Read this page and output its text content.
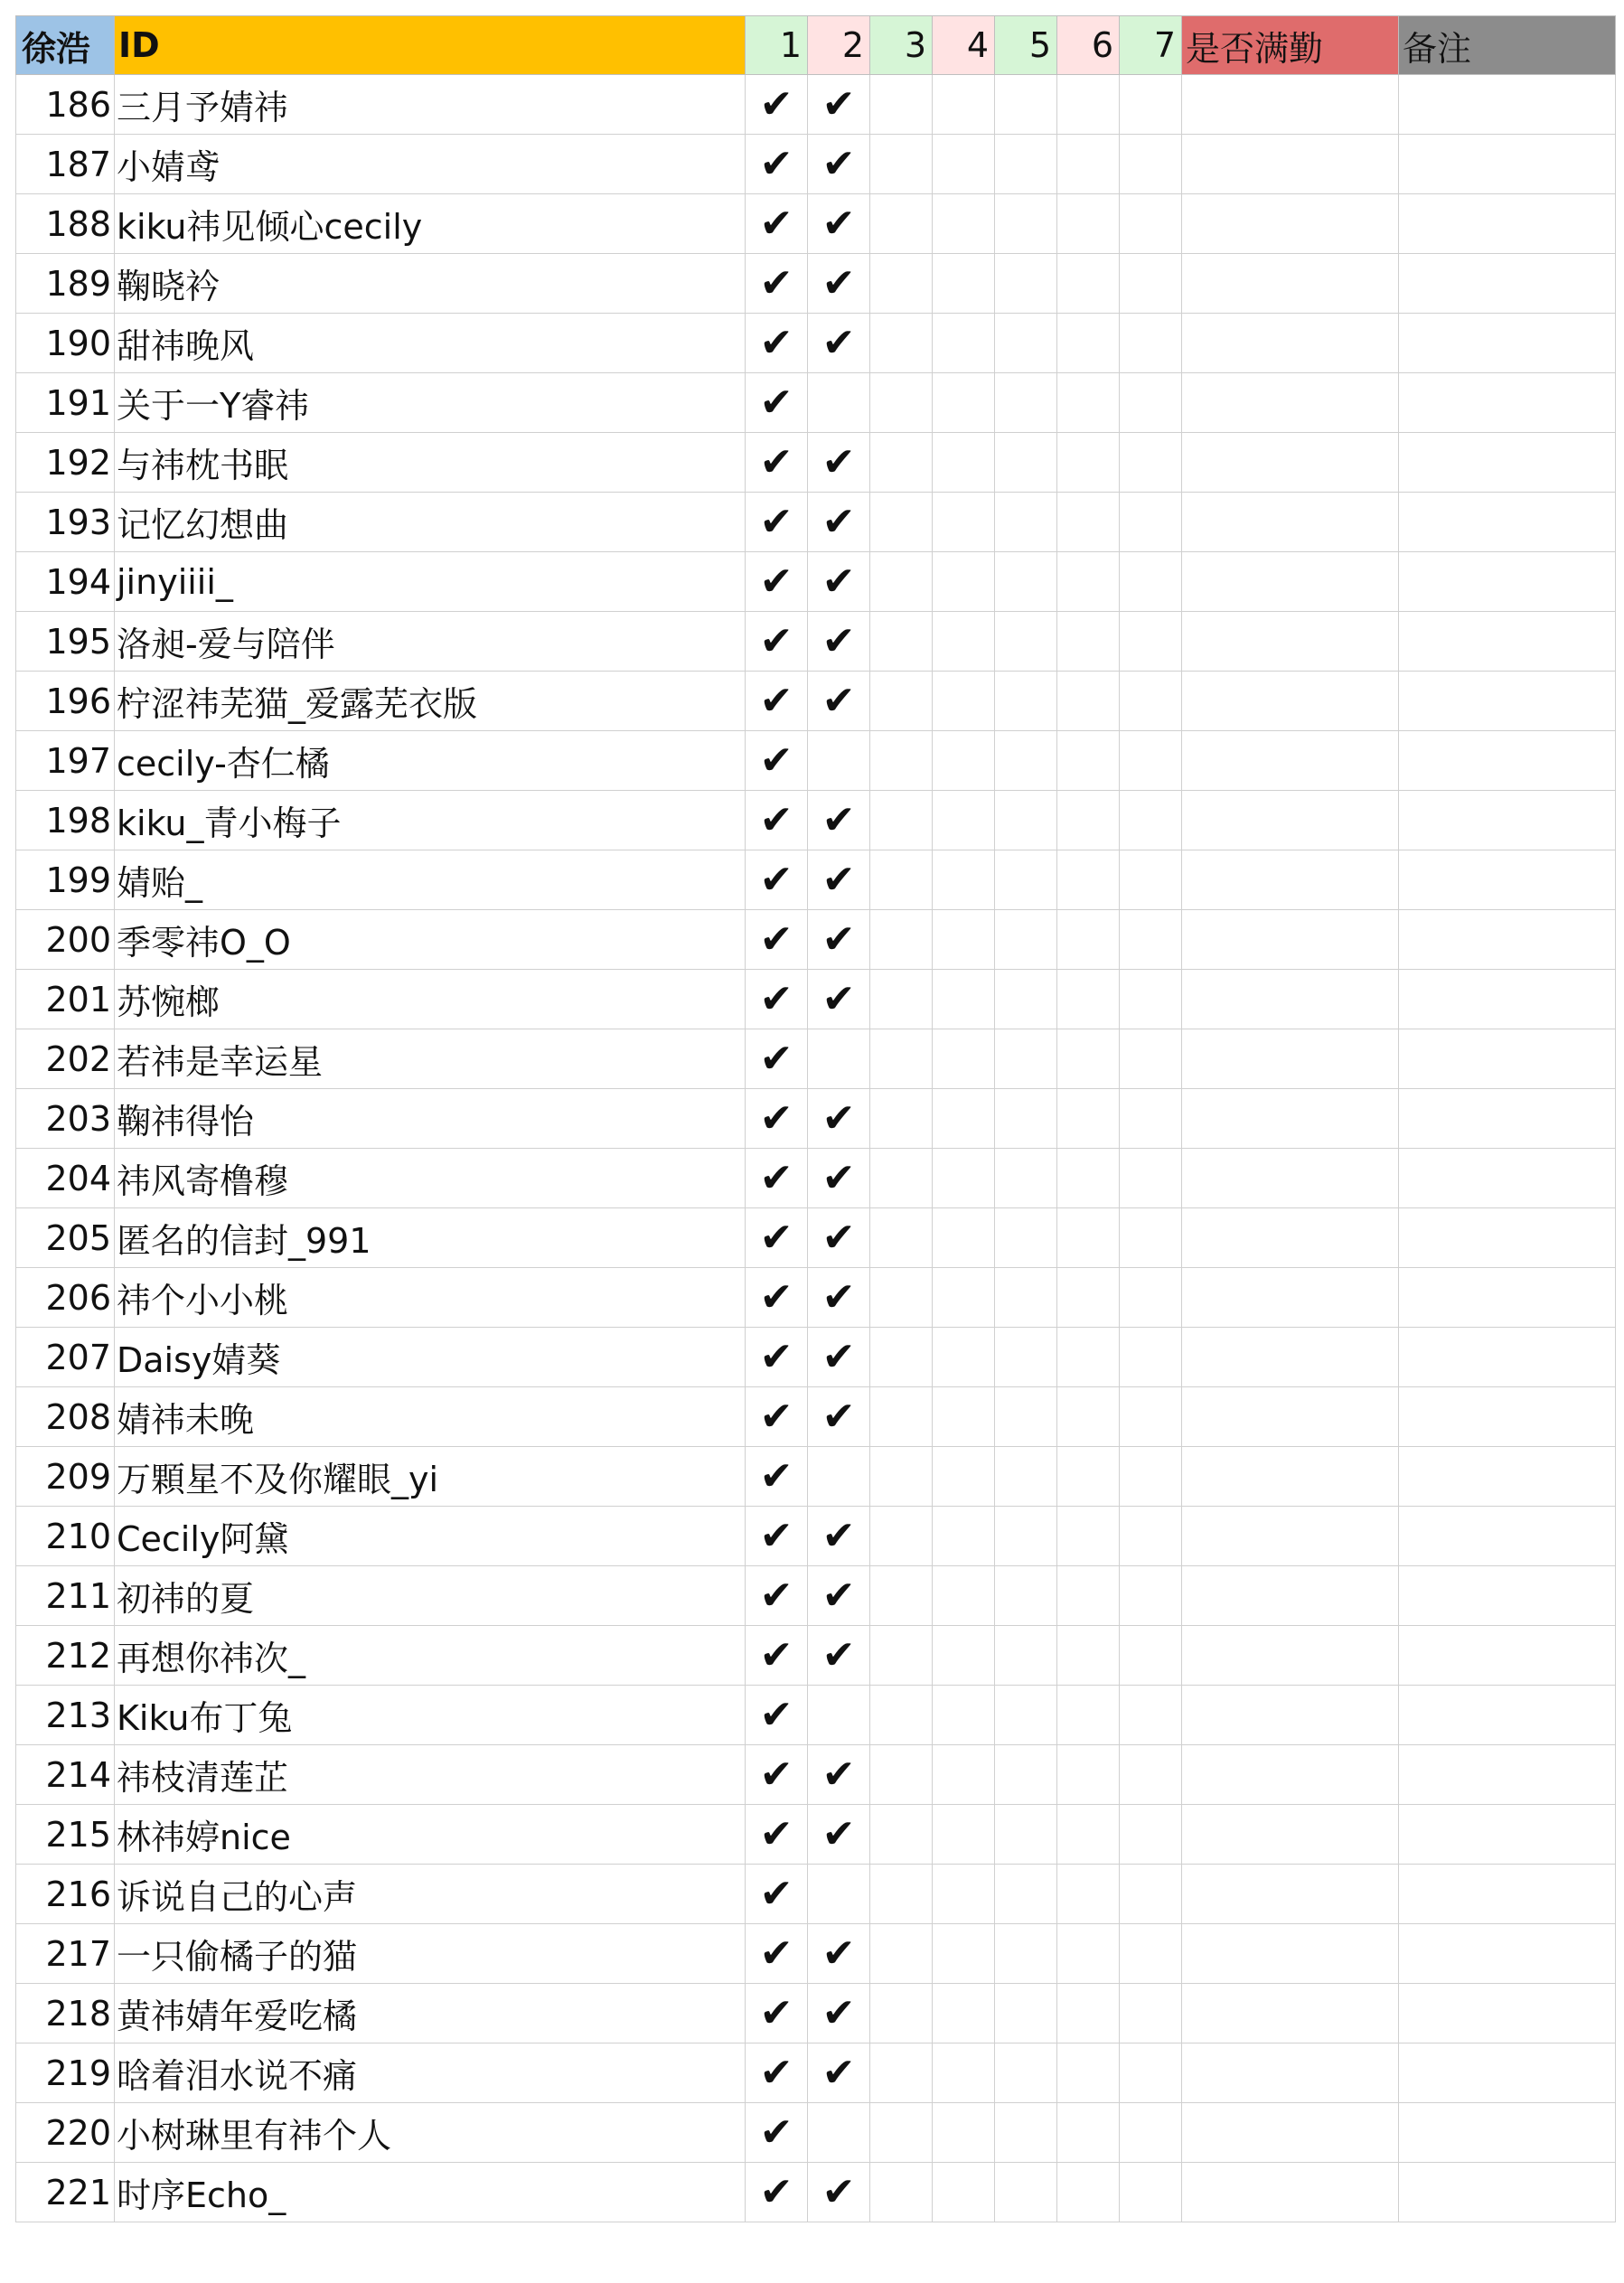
徐浩	ID	1	2	3	4	5	6	7	是否满勤	备注
186	三月予婧祎	✔	✔							
187	小婧鸢	✔	✔							
188	kiku祎见倾心cecily	✔	✔							
189	鞠晓衿	✔	✔							
190	甜祎晚风	✔	✔							
191	关于一Y睿祎	✔								
192	与祎枕书眠	✔	✔							
193	记忆幻想曲	✔	✔							
194	jinyiiii_	✔	✔							
195	洛昶-爱与陪伴	✔	✔							
196	柠涩祎芜猫_爱露芜衣版	✔	✔							
197	cecily-杏仁橘	✔								
198	kiku_青小梅子	✔	✔							
199	婧贻_	✔	✔							
200	季零祎O_O	✔	✔							
201	苏惋榔	✔	✔							
202	若祎是幸运星	✔								
203	鞠祎得怡	✔	✔							
204	祎风寄橹穆	✔	✔							
205	匿名的信封_991	✔	✔							
206	祎个小小桃	✔	✔							
207	Daisy婧葵	✔	✔							
208	婧祎未晚	✔	✔							
209	万顆星不及你耀眼_yi	✔								
210	Cecily阿黛	✔	✔							
211	初祎的夏	✔	✔							
212	再想你祎次_	✔	✔							
213	Kiku布丁兔	✔								
214	祎枝清莲芷	✔	✔							
215	林祎婷nice	✔	✔							
216	诉说自己的心声	✔								
217	一只偷橘子的猫	✔	✔							
218	黄祎婧年爱吃橘	✔	✔							
219	晗着泪水说不痛	✔	✔							
220	小树琳里有祎个人	✔								
221	时序Echo_	✔	✔							
